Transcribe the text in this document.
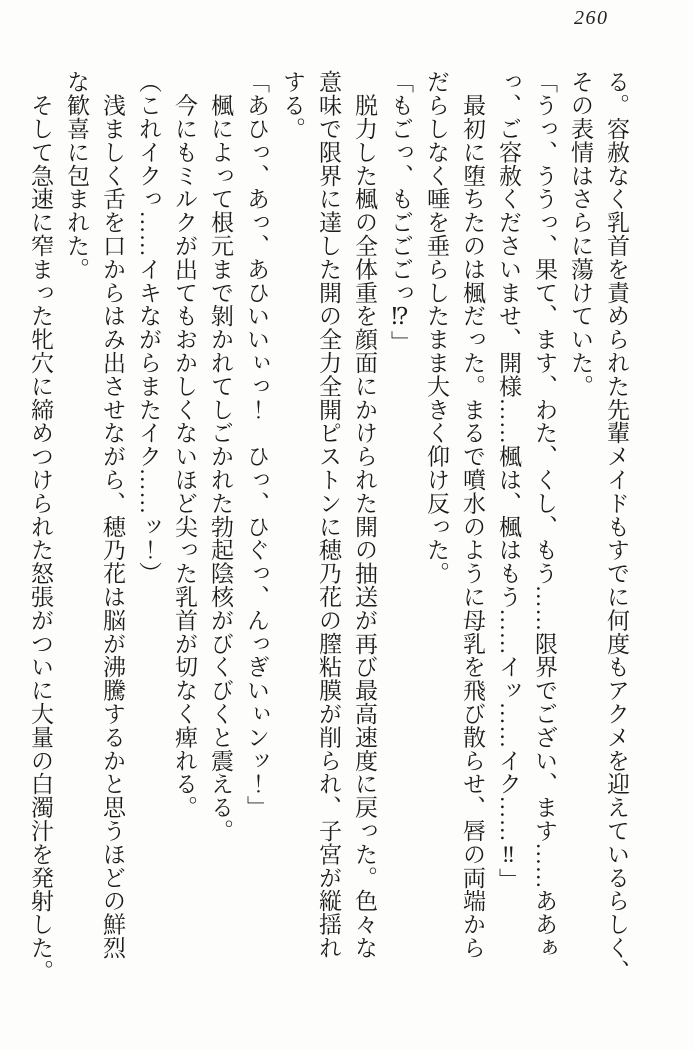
260

る。容赦なく乳首を責められた先輩メイドもすでに何度もアクメを迎えているらしく、

その表情はさらに蕩けていた。

「うっ、ううっ、果て、ます、わた、くし、もう……限界でござい、ます……ああぁ

っ、ご容赦くださいませ、開様……楓は、楓はもう……イッ……イク……‼」

　最初に堕ちたのは楓だった。まるで噴水のように母乳を飛び散らせ、唇の両端から

だらしなく唾を垂らしたまま大きく仰け反った。

「もごっ、もごごごっ⁉」

　脱力した楓の全体重を顔面にかけられた開の抽送が再び最高速度に戻った。色々な

意味で限界に達した開の全力全開ピストンに穂乃花の膣粘膜が削られ、子宮が縦揺れ

する。

「あひっ、あっ、あひいいぃっ！　ひっ、ひぐっ、んっぎいぃンッ！」

　楓によって根元まで剝かれてしごかれた勃起陰核がびくびくと震える。

　今にもミルクが出てもおかしくないほど尖った乳首が切なく痺れる。

（これイクっ……イキながらまたイク……ッ！）

　浅ましく舌を口からはみ出させながら、穂乃花は脳が沸騰するかと思うほどの鮮烈

な歓喜に包まれた。

　そして急速に窄まった牝穴に締めつけられた怒張がついに大量の白濁汁を発射した。
